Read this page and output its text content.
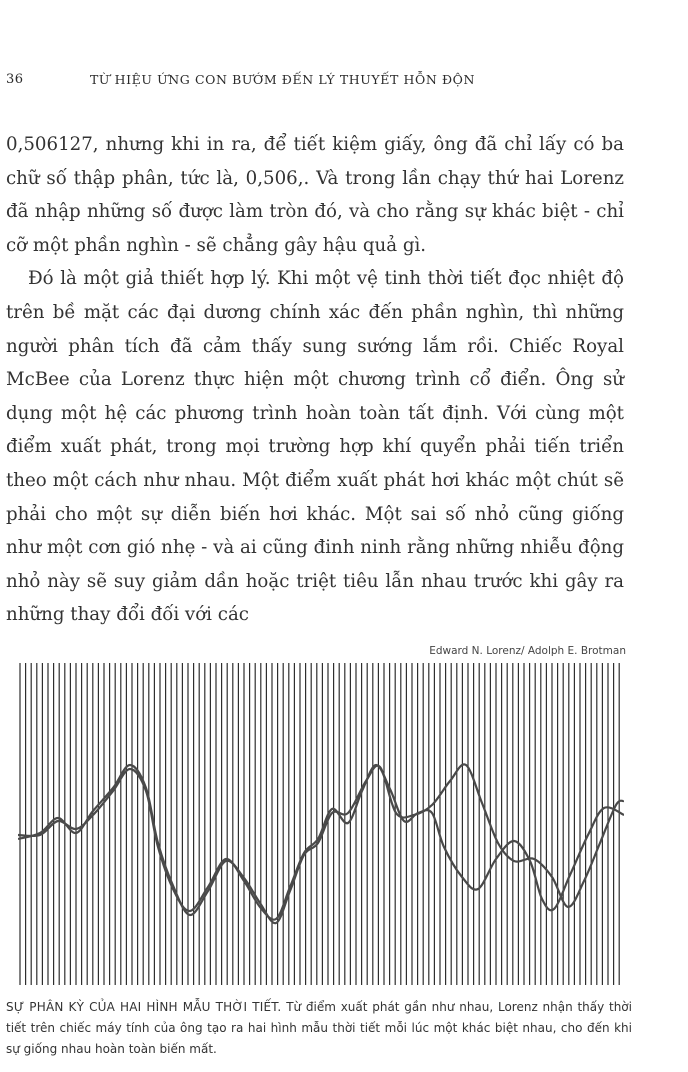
36	TỪ HIỆU ỨNG CON BƯỚM ĐẾN LÝ THUYẾT HỖN ĐỘN

0,506127, nhưng khi in ra, để tiết kiệm giấy, ông đã chỉ lấy có ba chữ số thập phân, tức là, 0,506,. Và trong lần chạy thứ hai Lorenz đã nhập những số được làm tròn đó, và cho rằng sự khác biệt - chỉ cỡ một phần nghìn - sẽ chẳng gây hậu quả gì.

Đó là một giả thiết hợp lý. Khi một vệ tinh thời tiết đọc nhiệt độ trên bề mặt các đại dương chính xác đến phần nghìn, thì những người phân tích đã cảm thấy sung sướng lắm rồi. Chiếc Royal McBee của Lorenz thực hiện một chương trình cổ điển. Ông sử dụng một hệ các phương trình hoàn toàn tất định. Với cùng một điểm xuất phát, trong mọi trường hợp khí quyển phải tiến triển theo một cách như nhau. Một điểm xuất phát hơi khác một chút sẽ phải cho một sự diễn biến hơi khác. Một sai số nhỏ cũng giống như một cơn gió nhẹ - và ai cũng đinh ninh rằng những nhiễu động nhỏ này sẽ suy giảm dần hoặc triệt tiêu lẫn nhau trước khi gây ra những thay đổi đối với các

Edward N. Lorenz/ Adolph E. Brotman
SỰ PHÂN KỲ CỦA HAI HÌNH MẪU THỜI TIẾT. Từ điểm xuất phát gần như nhau, Lorenz nhận thấy thời tiết trên chiếc máy tính của ông tạo ra hai hình mẫu thời tiết mỗi lúc một khác biệt nhau, cho đến khi sự giống nhau hoàn toàn biến mất.
